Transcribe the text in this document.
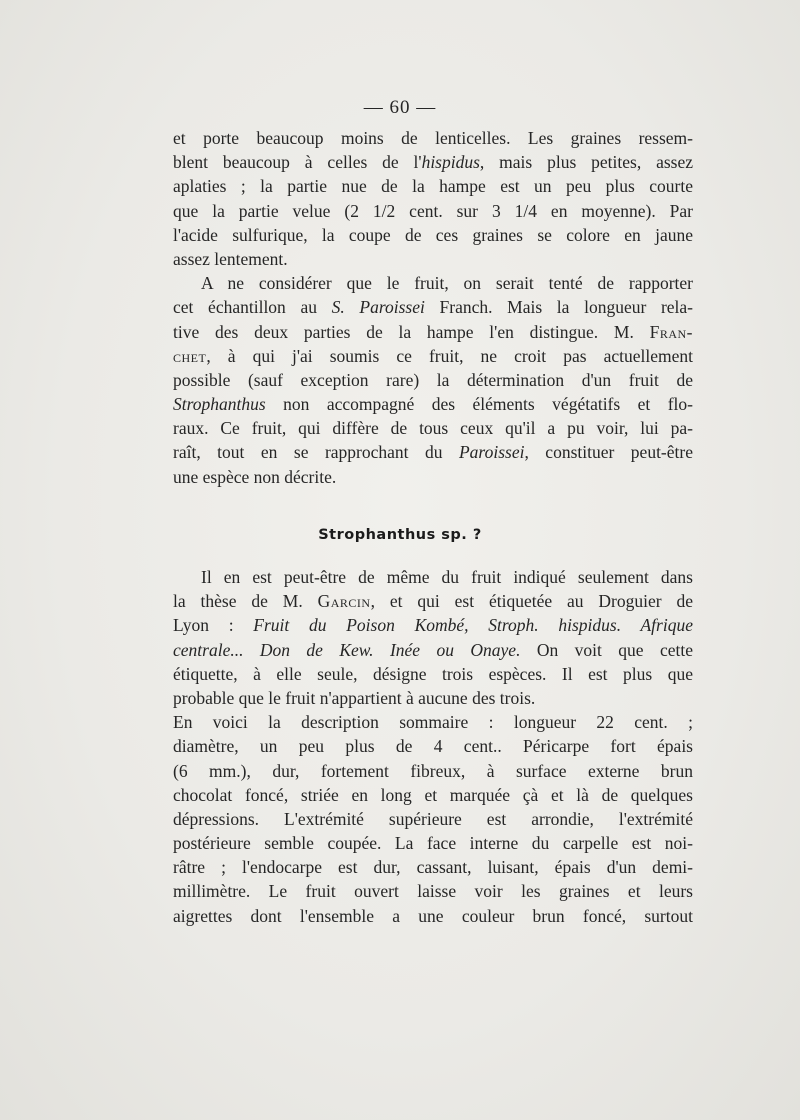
— 60 —
et porte beaucoup moins de lenticelles. Les graines ressem-
blent beaucoup à celles de l'hispidus, mais plus petites, assez
aplaties ; la partie nue de la hampe est un peu plus courte
que la partie velue (2 1/2 cent. sur 3 1/4 en moyenne). Par
l'acide sulfurique, la coupe de ces graines se colore en jaune
assez lentement.
A ne considérer que le fruit, on serait tenté de rapporter
cet échantillon au S. Paroissei Franch. Mais la longueur rela-
tive des deux parties de la hampe l'en distingue. M. Fran-
chet, à qui j'ai soumis ce fruit, ne croit pas actuellement
possible (sauf exception rare) la détermination d'un fruit de
Strophanthus non accompagné des éléments végétatifs et flo-
raux. Ce fruit, qui diffère de tous ceux qu'il a pu voir, lui pa-
raît, tout en se rapprochant du Paroissei, constituer peut-être
une espèce non décrite.
Strophanthus sp. ?
Il en est peut-être de même du fruit indiqué seulement dans
la thèse de M. Garcin, et qui est étiquetée au Droguier de
Lyon : Fruit du Poison Kombé, Stroph. hispidus. Afrique
centrale... Don de Kew. Inée ou Onaye. On voit que cette
étiquette, à elle seule, désigne trois espèces. Il est plus que
probable que le fruit n'appartient à aucune des trois.
En voici la description sommaire : longueur 22 cent. ;
diamètre, un peu plus de 4 cent.. Péricarpe fort épais
(6 mm.), dur, fortement fibreux, à surface externe brun
chocolat foncé, striée en long et marquée çà et là de quelques
dépressions. L'extrémité supérieure est arrondie, l'extrémité
postérieure semble coupée. La face interne du carpelle est noi-
râtre ; l'endocarpe est dur, cassant, luisant, épais d'un demi-
millimètre. Le fruit ouvert laisse voir les graines et leurs
aigrettes dont l'ensemble a une couleur brun foncé, surtout
